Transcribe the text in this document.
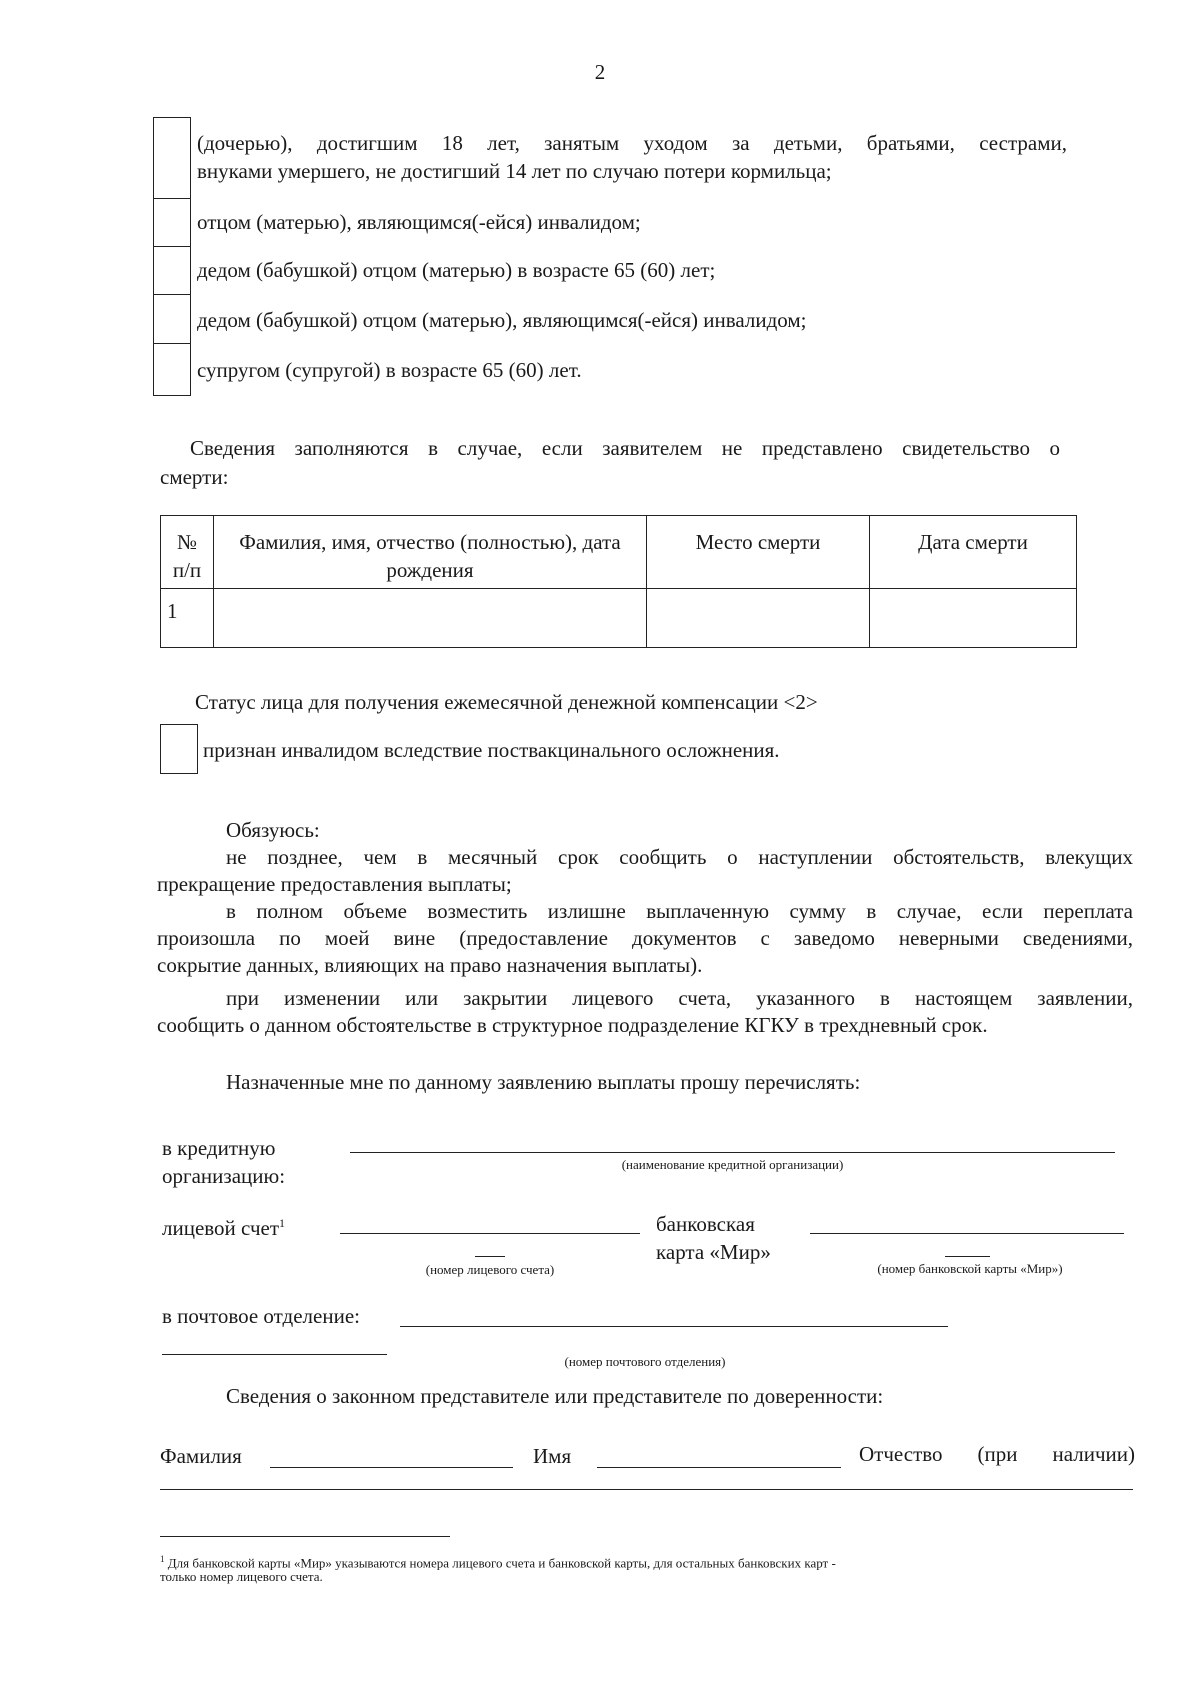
2
(дочерью), достигшим 18 лет, занятым уходом за детьми, братьями, сестрами,
внуками умершего, не достигший 14 лет по случаю потери кормильца;
отцом (матерью), являющимся(-ейся) инвалидом;
дедом (бабушкой) отцом (матерью) в возрасте 65 (60) лет;
дедом (бабушкой) отцом (матерью), являющимся(-ейся) инвалидом;
супругом (супругой) в возрасте 65 (60) лет.
Сведения заполняются в случае, если заявителем не представлено свидетельство о
смерти:
№ п/п	Фамилия, имя, отчество (полностью), дата рождения	Место смерти	Дата смерти
1			
Статус лица для получения ежемесячной денежной компенсации <2>
признан инвалидом вследствие поствакцинального осложнения.
Обязуюсь:
не позднее, чем в месячный срок сообщить о наступлении обстоятельств, влекущих
прекращение предоставления выплаты;
в полном объеме возместить излишне выплаченную сумму в случае, если переплата
произошла по моей вине (предоставление документов с заведомо неверными сведениями,
сокрытие данных, влияющих на право назначения выплаты).
при изменении или закрытии лицевого счета, указанного в настоящем заявлении,
сообщить о данном обстоятельстве в структурное подразделение КГКУ в трехдневный срок.
Назначенные мне по данному заявлению выплаты прошу перечислять:
в кредитную
организацию:	(наименование кредитной организации)
лицевой счет$^1$
(номер лицевого счета)
банковская
карта «Мир»
(номер банковской карты «Мир»)
в почтовое отделение:
(номер почтового отделения)
Сведения о законном представителе или представителе по доверенности:
Фамилия	Имя	Отчество (при наличии)
$^1$ Для банковской карты «Мир» указываются номера лицевого счета и банковской карты, для остальных банковских карт -
только номер лицевого счета.
